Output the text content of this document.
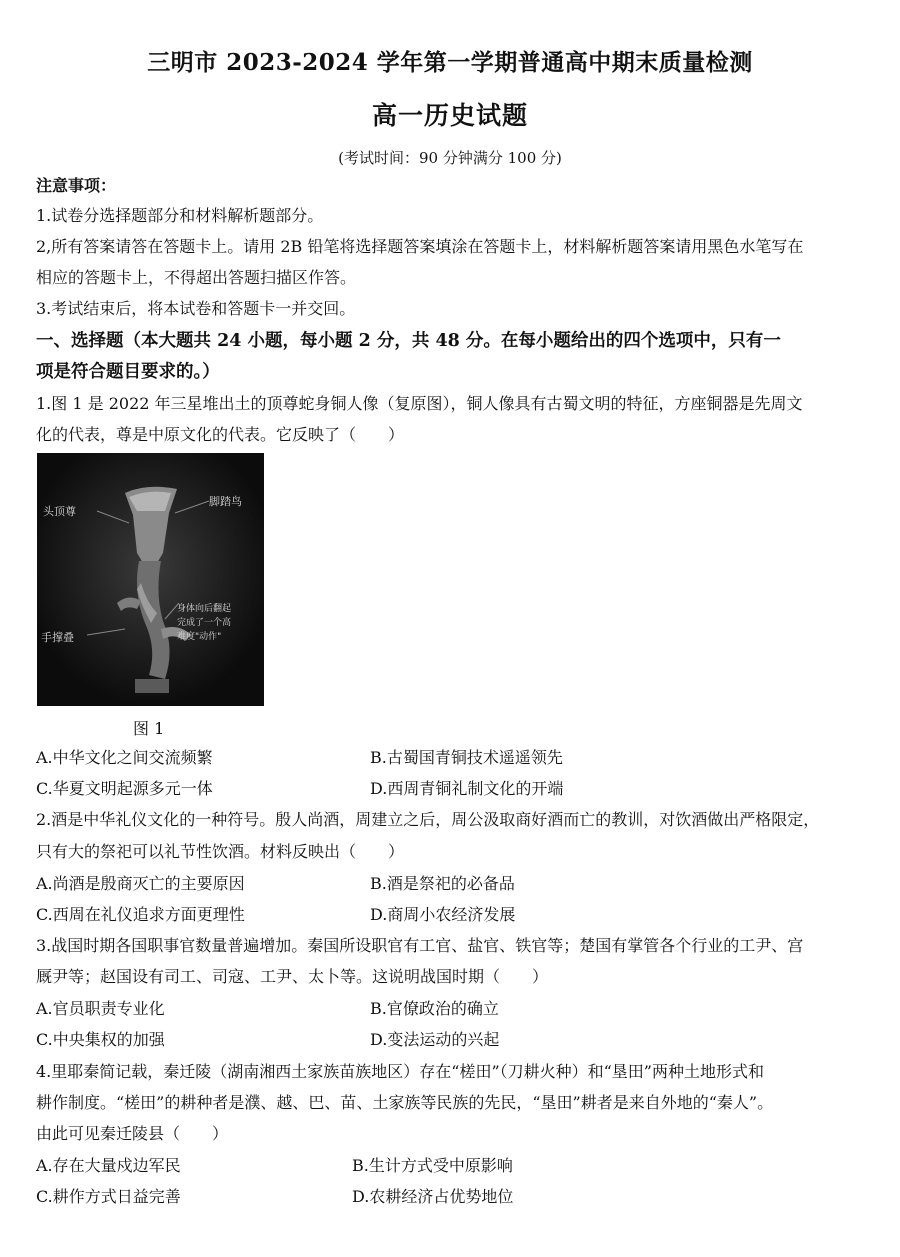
三明市 2023-2024 学年第一学期普通高中期末质量检测
高一历史试题
(考试时间：90 分钟满分 100 分)
注意事项：
1.试卷分选择题部分和材料解析题部分。
2,所有答案请答在答题卡上。请用 2B 铅笔将选择题答案填涂在答题卡上，材料解析题答案请用黑色水笔写在
相应的答题卡上，不得超出答题扫描区作答。
3.考试结束后，将本试卷和答题卡一并交回。
一、选择题（本大题共 24 小题，每小题 2 分，共 48 分。在每小题给出的四个选项中，只有一
项是符合题目要求的。）
1.图 1 是 2022 年三星堆出土的顶尊蛇身铜人像（复原图），铜人像具有古蜀文明的特征，方座铜器是先周文
化的代表，尊是中原文化的代表。它反映了（　　）
头顶尊
脚踏鸟
手撑叠
身体向后翻起
完成了一个高
难度"动作"
图 1
A.中华文化之间交流频繁	B.古蜀国青铜技术遥遥领先
C.华夏文明起源多元一体	D.西周青铜礼制文化的开端
2.酒是中华礼仪文化的一种符号。殷人尚酒，周建立之后，周公汲取商好酒而亡的教训，对饮酒做出严格限定，
只有大的祭祀可以礼节性饮酒。材料反映出（　　）
A.尚酒是殷商灭亡的主要原因	B.酒是祭祀的必备品
C.西周在礼仪追求方面更理性	D.商周小农经济发展
3.战国时期各国职事官数量普遍增加。秦国所设职官有工官、盐官、铁官等；楚国有掌管各个行业的工尹、宫
厩尹等；赵国设有司工、司寇、工尹、太卜等。这说明战国时期（　　）
A.官员职责专业化	B.官僚政治的确立
C.中央集权的加强	D.变法运动的兴起
4.里耶秦简记载，秦迁陵（湖南湘西土家族苗族地区）存在“槎田”（刀耕火种）和“垦田”两种土地形式和
耕作制度。“槎田”的耕种者是濮、越、巴、苗、土家族等民族的先民，“垦田”耕者是来自外地的“秦人”。
由此可见秦迁陵县（　　）
A.存在大量戍边军民	B.生计方式受中原影响
C.耕作方式日益完善	D.农耕经济占优势地位
